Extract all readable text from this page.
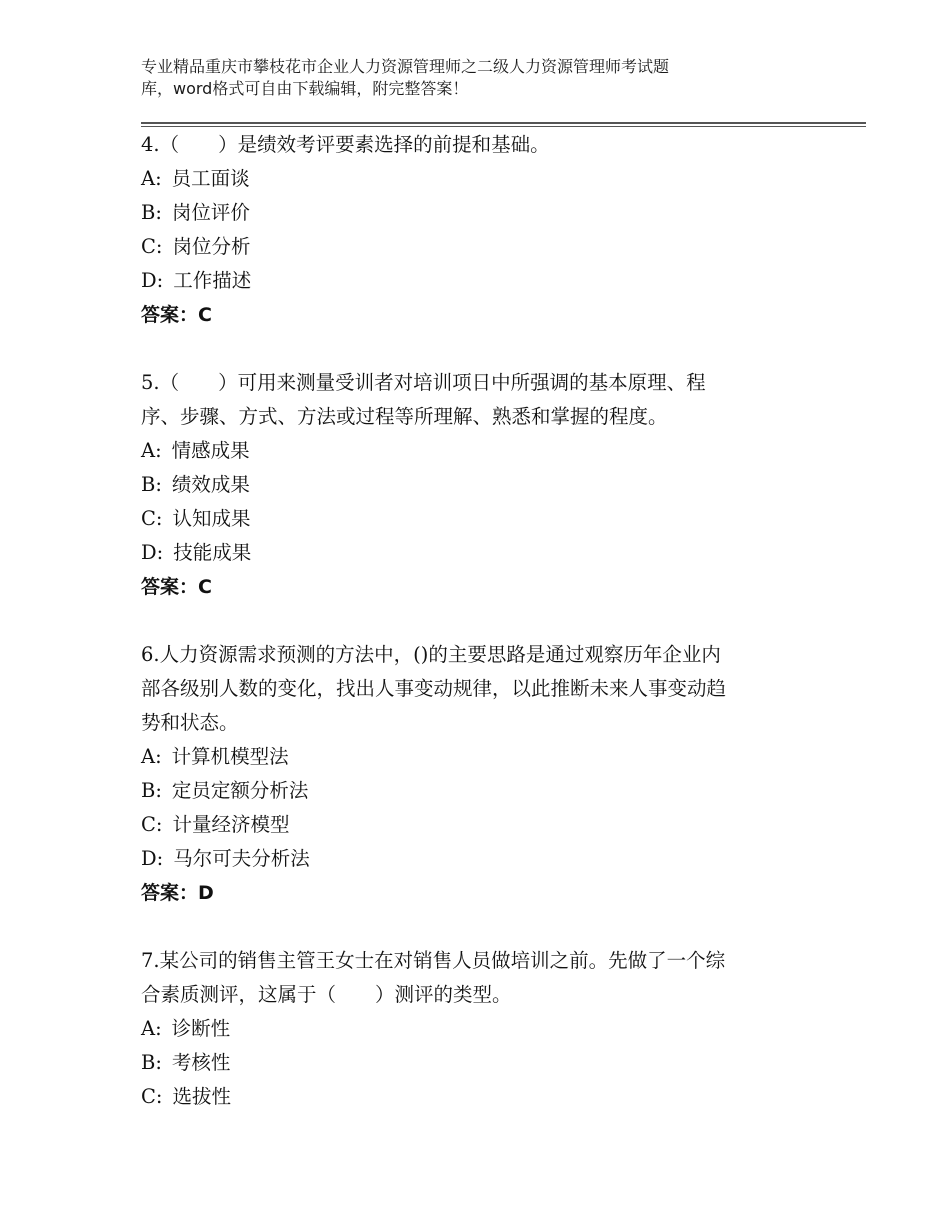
专业精品重庆市攀枝花市企业人力资源管理师之二级人力资源管理师考试题
库，word格式可自由下载编辑，附完整答案！
4.（　　）是绩效考评要素选择的前提和基础。
A: 员工面谈
B: 岗位评价
C: 岗位分析
D: 工作描述
答案：C
5.（　　）可用来测量受训者对培训项日中所强调的基本原理、程
序、步骤、方式、方法或过程等所理解、熟悉和掌握的程度。
A: 情感成果
B: 绩效成果
C: 认知成果
D: 技能成果
答案：C
6.人力资源需求预测的方法中，()的主要思路是通过观察历年企业内
部各级别人数的变化，找出人事变动规律，以此推断未来人事变动趋
势和状态。
A: 计算机模型法
B: 定员定额分析法
C: 计量经济模型
D: 马尔可夫分析法
答案：D
7.某公司的销售主管王女士在对销售人员做培训之前。先做了一个综
合素质测评，这属于（　　）测评的类型。
A: 诊断性
B: 考核性
C: 选拔性
